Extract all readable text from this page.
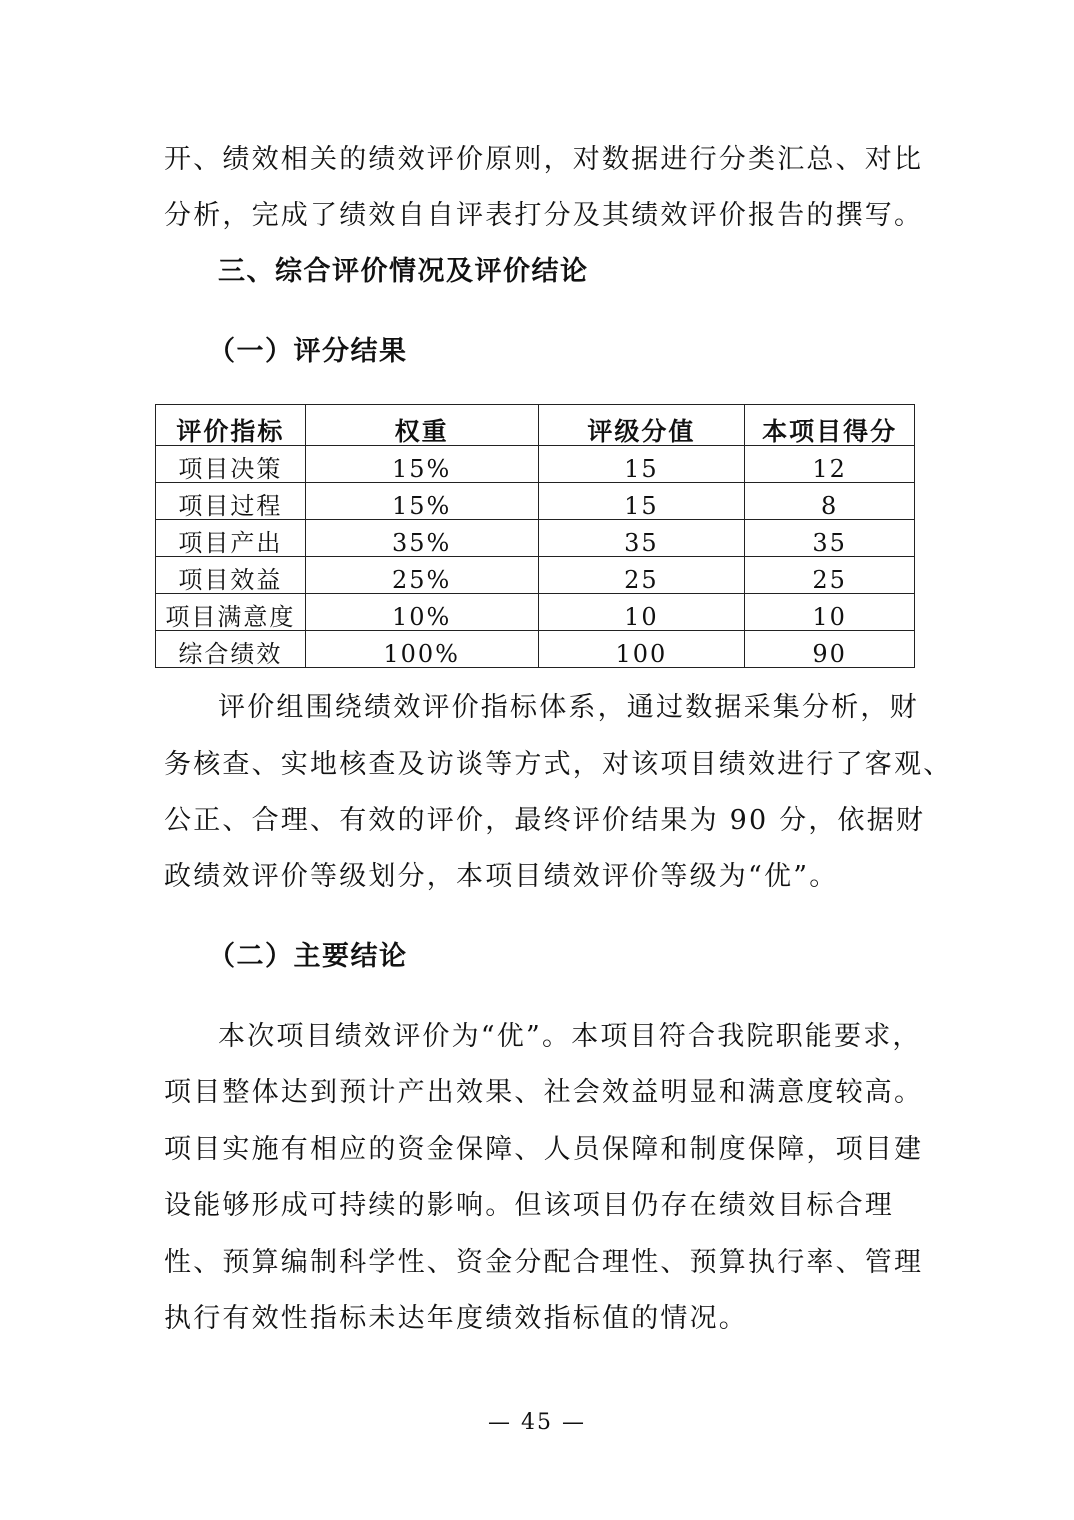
开、绩效相关的绩效评价原则，对数据进行分类汇总、对比
分析，完成了绩效自自评表打分及其绩效评价报告的撰写。
三、综合评价情况及评价结论
（一）评分结果
评价指标	权重	评级分值	本项目得分
项目决策	15%	15	12
项目过程	15%	15	8
项目产出	35%	35	35
项目效益	25%	25	25
项目满意度	10%	10	10
综合绩效	100%	100	90
评价组围绕绩效评价指标体系，通过数据采集分析，财
务核查、实地核查及访谈等方式，对该项目绩效进行了客观、
公正、合理、有效的评价，最终评价结果为 90 分，依据财
政绩效评价等级划分，本项目绩效评价等级为“优”。
（二）主要结论
本次项目绩效评价为“优”。本项目符合我院职能要求，
项目整体达到预计产出效果、社会效益明显和满意度较高。
项目实施有相应的资金保障、人员保障和制度保障，项目建
设能够形成可持续的影响。但该项目仍存在绩效目标合理
性、预算编制科学性、资金分配合理性、预算执行率、管理
执行有效性指标未达年度绩效指标值的情况。
— 45 —
